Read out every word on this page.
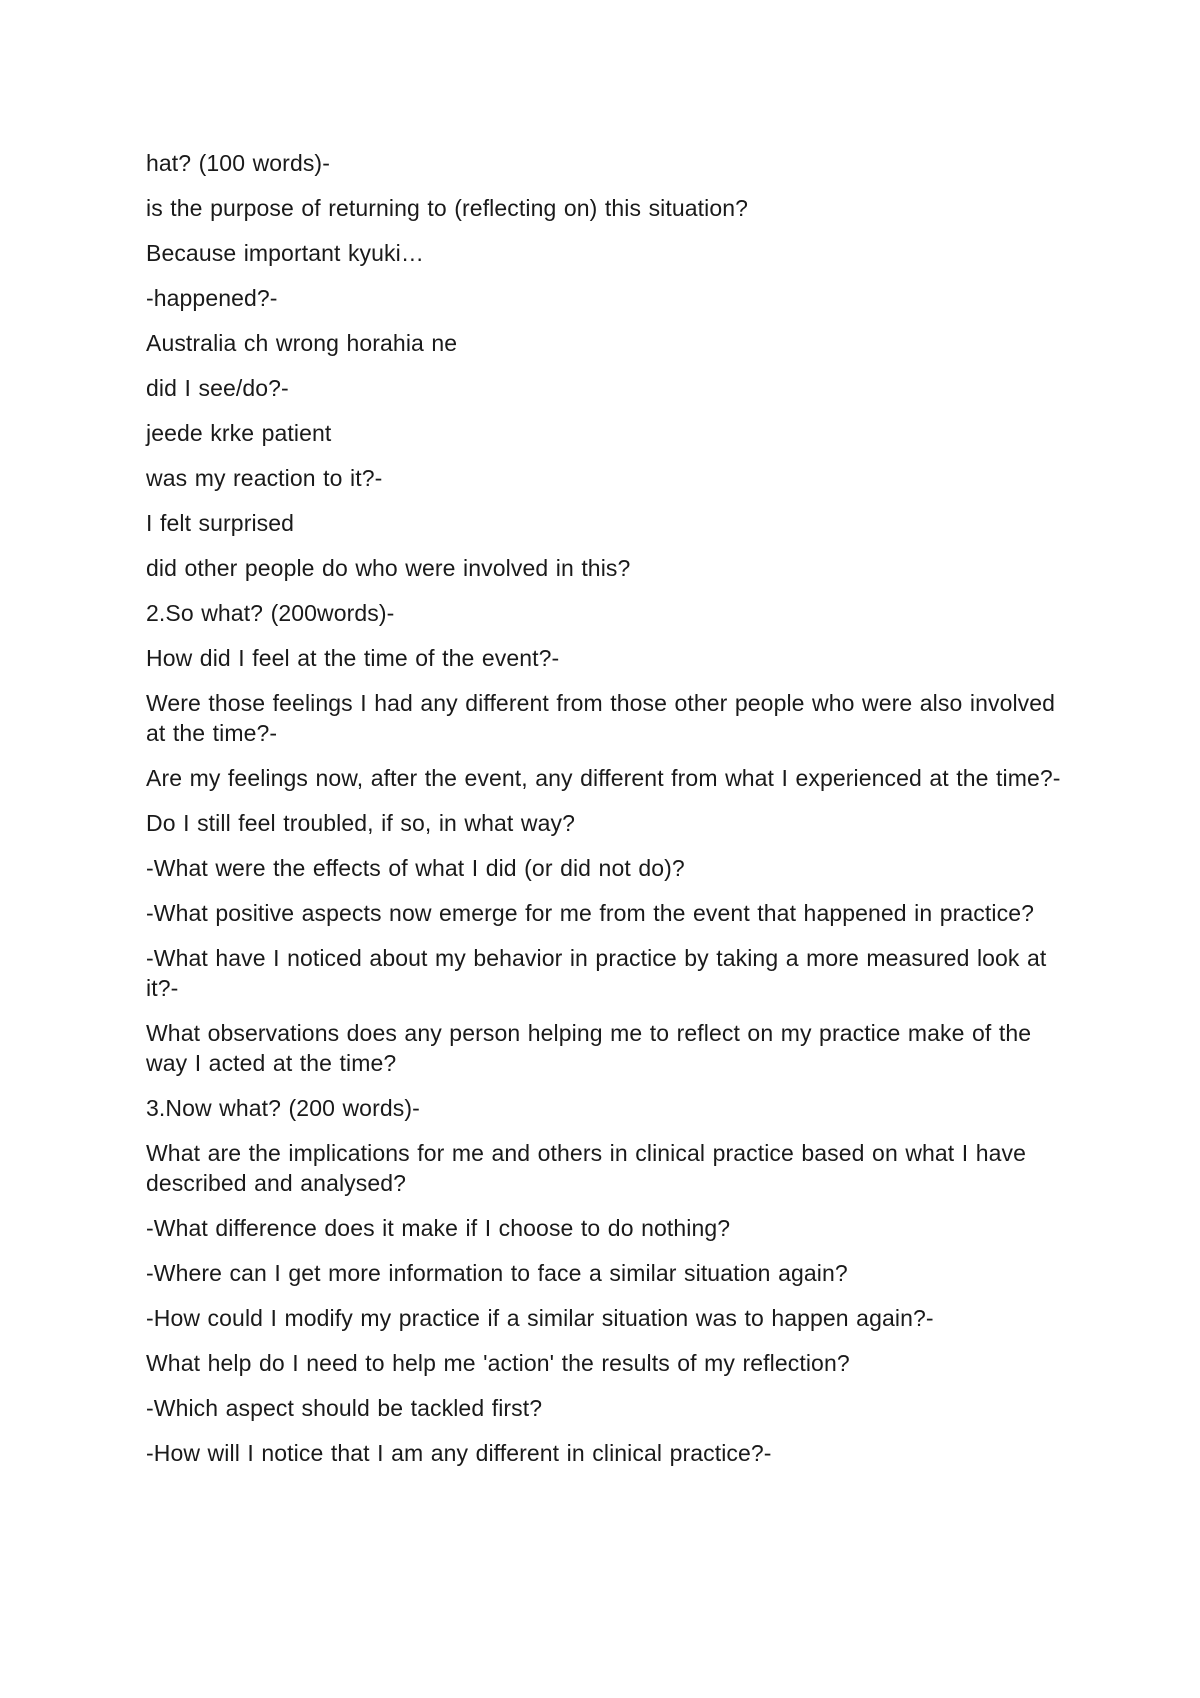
hat? (100 words)-

is the purpose of returning to (reflecting on) this situation?

Because important kyuki…

-happened?-

Australia ch wrong horahia ne

did I see/do?-

jeede krke patient

was my reaction to it?-

I felt surprised

did other people do who were involved in this?

2.So what? (200words)-

How did I feel at the time of the event?-

Were those feelings I had any different from those other people who were also involved at the time?-

Are my feelings now, after the event, any different from what I experienced at the time?-

Do I still feel troubled, if so, in what way?

-What were the effects of what I did (or did not do)?

-What positive aspects now emerge for me from the event that happened in practice?

-What have I noticed about my behavior in practice by taking a more measured look at it?-

What observations does any person helping me to reflect on my practice make of the way I acted at the time?

3.Now what? (200 words)-

What are the implications for me and others in clinical practice based on what I have described and analysed?

-What difference does it make if I choose to do nothing?

-Where can I get more information to face a similar situation again?

-How could I modify my practice if a similar situation was to happen again?-

What help do I need to help me 'action' the results of my reflection?

-Which aspect should be tackled first?

-How will I notice that I am any different in clinical practice?-
